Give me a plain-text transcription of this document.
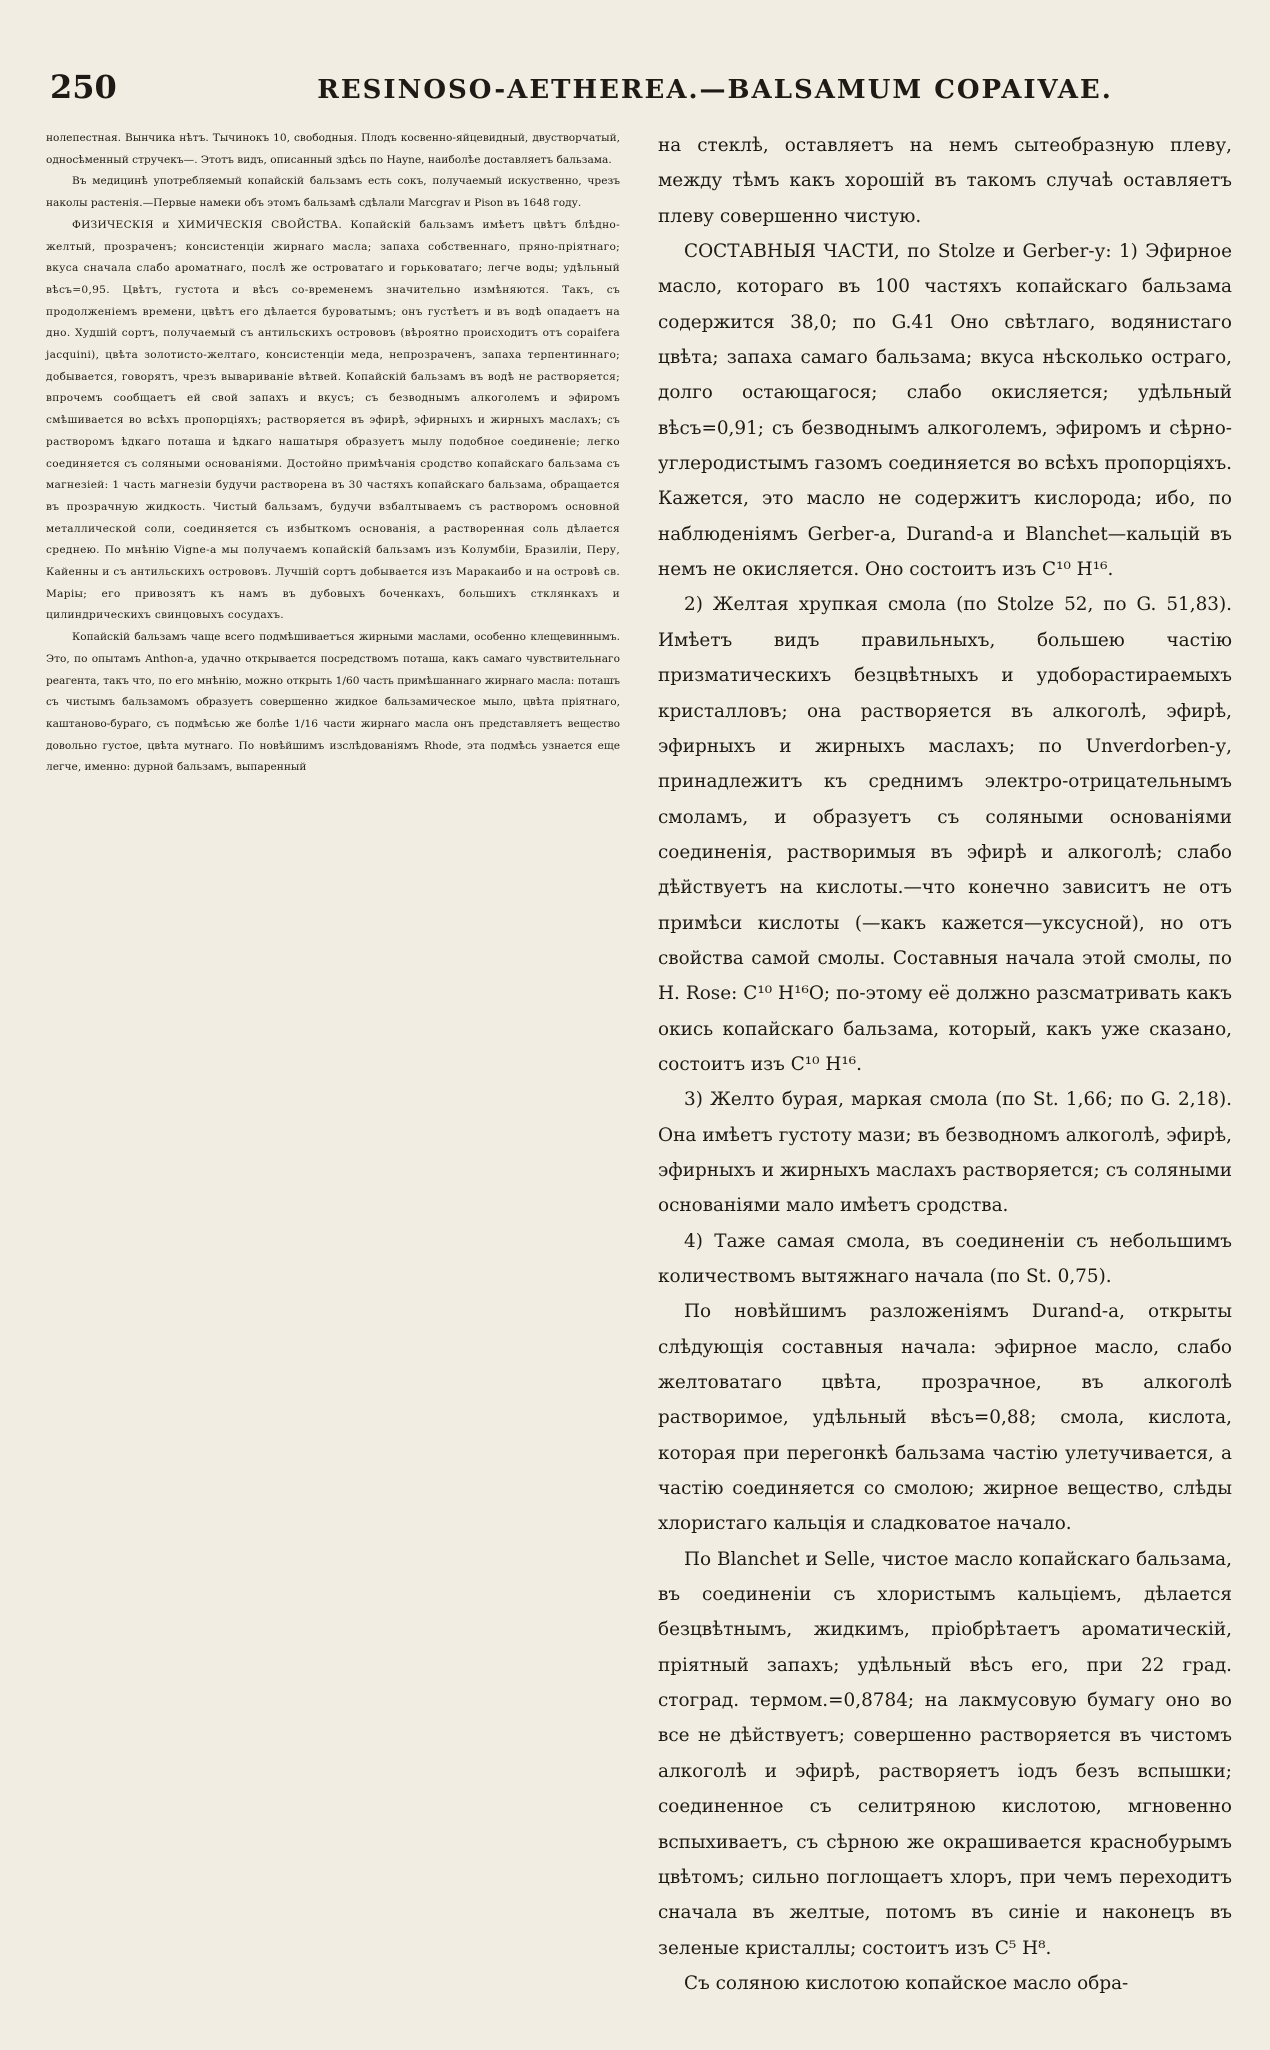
250	RESINOSO-AETHEREA.—BALSAMUM COPAIVAE.

нолепестная. Вынчика нѣтъ. Тычинокъ 10, свободныя. Плодъ косвенно-яйцевидный, двустворчатый, односѣменный стручекъ—. Этотъ видъ, описанный здѣсь по Hayne, наиболѣе доставляетъ бальзама.

Въ медицинѣ употребляемый копайскій бальзамъ есть сокъ, получаемый искуственно, чрезъ наколы растенія.—Первые намеки объ этомъ бальзамѣ сдѣлали Marcgrav и Pison въ 1648 году.

ФИЗИЧЕСКІЯ и ХИМИЧЕСКІЯ СВОЙСТВА. Копайскій бальзамъ имѣетъ цвѣтъ блѣдно-желтый, прозраченъ; консистенціи жирнаго масла; запаха собственнаго, пряно-пріятнаго; вкуса сначала слабо ароматнаго, послѣ же островатаго и горьковатаго; легче воды; удѣльный вѣсъ=0,95. Цвѣтъ, густота и вѣсъ со-временемъ значительно измѣняются. Такъ, съ продолженіемъ времени, цвѣтъ его дѣлается буроватымъ; онъ густѣетъ и въ водѣ опадаетъ на дно. Худшій сортъ, получаемый съ антильскихъ острововъ (вѣроятно происходитъ отъ copaifera jacquini), цвѣта золотисто-желтаго, консистенціи меда, непрозраченъ, запаха терпентиннаго; добывается, говорятъ, чрезъ вывариваніе вѣтвей. Копайскій бальзамъ въ водѣ не растворяется; впрочемъ сообщаетъ ей свой запахъ и вкусъ; съ безводнымъ алкоголемъ и эфиромъ смѣшивается во всѣхъ пропорціяхъ; растворяется въ эфирѣ, эфирныхъ и жирныхъ маслахъ; съ растворомъ ѣдкаго поташа и ѣдкаго нашатыря образуетъ мылу подобное соединеніе; легко соединяется съ соляными основаніями. Достойно примѣчанія сродство копайскаго бальзама съ магнезіей: 1 часть магнезіи будучи растворена въ 30 частяхъ копайскаго бальзама, обращается въ прозрачную жидкость. Чистый бальзамъ, будучи взбалтываемъ съ растворомъ основной металлической соли, соединяется съ избыткомъ основанія, а растворенная соль дѣлается среднею. По мнѣнію Vigne-а мы получаемъ копайскій бальзамъ изъ Колумбіи, Бразиліи, Перу, Кайенны и съ антильскихъ острововъ. Лучшій сортъ добывается изъ Маракаибо и на островѣ св. Маріы; его привозятъ къ намъ въ дубовыхъ боченкахъ, большихъ стклянкахъ и цилиндрическихъ свинцовыхъ сосудахъ.

Копайскій бальзамъ чаще всего подмѣшиваетъся жирными маслами, особенно клещевиннымъ. Это, по опытамъ Anthon-а, удачно открывается посредствомъ поташа, какъ самаго чувствительнаго реагента, такъ что, по его мнѣнію, можно открыть 1/60 часть примѣшаннаго жирнаго масла: поташъ съ чистымъ бальзамомъ образуетъ совершенно жидкое бальзамическое мыло, цвѣта пріятнаго, каштаново-бураго, съ подмѣсью же болѣе 1/16 части жирнаго масла онъ представляетъ вещество довольно густое, цвѣта мутнаго. По новѣйшимъ изслѣдованіямъ Rhode, эта подмѣсь узнается еще легче, именно: дурной бальзамъ, выпаренный

на стеклѣ, оставляетъ на немъ сытеобразную плеву, между тѣмъ какъ хорошій въ такомъ случаѣ оставляетъ плеву совершенно чистую.

СОСТАВНЫЯ ЧАСТИ, по Stolze и Gerber-у: 1) Эфирное масло, котораго въ 100 частяхъ копайскаго бальзама содержится 38,0; по G.41 Оно свѣтлаго, водянистаго цвѣта; запаха самаго бальзама; вкуса нѣсколько остраго, долго остающагося; слабо окисляется; удѣльный вѣсъ=0,91; съ безводнымъ алкоголемъ, эфиромъ и сѣрно-углеродистымъ газомъ соединяется во всѣхъ пропорціяхъ. Кажется, это масло не содержитъ кислорода; ибо, по наблюденіямъ Gerber-а, Durand-а и Blanchet—кальцій въ немъ не окисляется. Оно состоитъ изъ C¹⁰ H¹⁶.

2) Желтая хрупкая смола (по Stolze 52, по G. 51,83). Имѣетъ видъ правильныхъ, большею частію призматическихъ безцвѣтныхъ и удоборастираемыхъ кристалловъ; она растворяется въ алкоголѣ, эфирѣ, эфирныхъ и жирныхъ маслахъ; по Unverdorben-у, принадлежитъ къ среднимъ электро-отрицательнымъ смоламъ, и образуетъ съ соляными основаніями соединенія, растворимыя въ эфирѣ и алкоголѣ; слабо дѣйствуетъ на кислоты.—что конечно зависитъ не отъ примѣси кислоты (—какъ кажется—уксусной), но отъ свойства самой смолы. Составныя начала этой смолы, по H. Rose: C¹⁰ H¹⁶O; по-этому её должно разсматривать какъ окись копайскаго бальзама, который, какъ уже сказано, состоитъ изъ C¹⁰ H¹⁶.

3) Желто бурая, маркая смола (по St. 1,66; по G. 2,18). Она имѣетъ густоту мази; въ безводномъ алкоголѣ, эфирѣ, эфирныхъ и жирныхъ маслахъ растворяется; съ соляными основаніями мало имѣетъ сродства.

4) Таже самая смола, въ соединеніи съ небольшимъ количествомъ вытяжнаго начала (по St. 0,75).

По новѣйшимъ разложеніямъ Durand-а, открыты слѣдующія составныя начала: эфирное масло, слабо желтоватаго цвѣта, прозрачное, въ алкоголѣ растворимое, удѣльный вѣсъ=0,88; смола, кислота, которая при перегонкѣ бальзама частію улетучивается, а частію соединяется со смолою; жирное вещество, слѣды хлористаго кальція и сладковатое начало.

По Blanchet и Selle, чистое масло копайскаго бальзама, въ соединеніи съ хлористымъ кальціемъ, дѣлается безцвѣтнымъ, жидкимъ, пріобрѣтаетъ ароматическій, пріятный запахъ; удѣльный вѣсъ его, при 22 град. стоград. термом.=0,8784; на лакмусовую бумагу оно во все не дѣйствуетъ; совершенно растворяется въ чистомъ алкоголѣ и эфирѣ, растворяетъ іодъ безъ вспышки; соединенное съ селитряною кислотою, мгновенно вспыхиваетъ, съ сѣрною же окрашивается краснобурымъ цвѣтомъ; сильно поглощаетъ хлоръ, при чемъ переходитъ сначала въ желтые, потомъ въ синіе и наконецъ въ зеленые кристаллы; состоитъ изъ C⁵ H⁸.

Съ соляною кислотою копайское масло обра-
